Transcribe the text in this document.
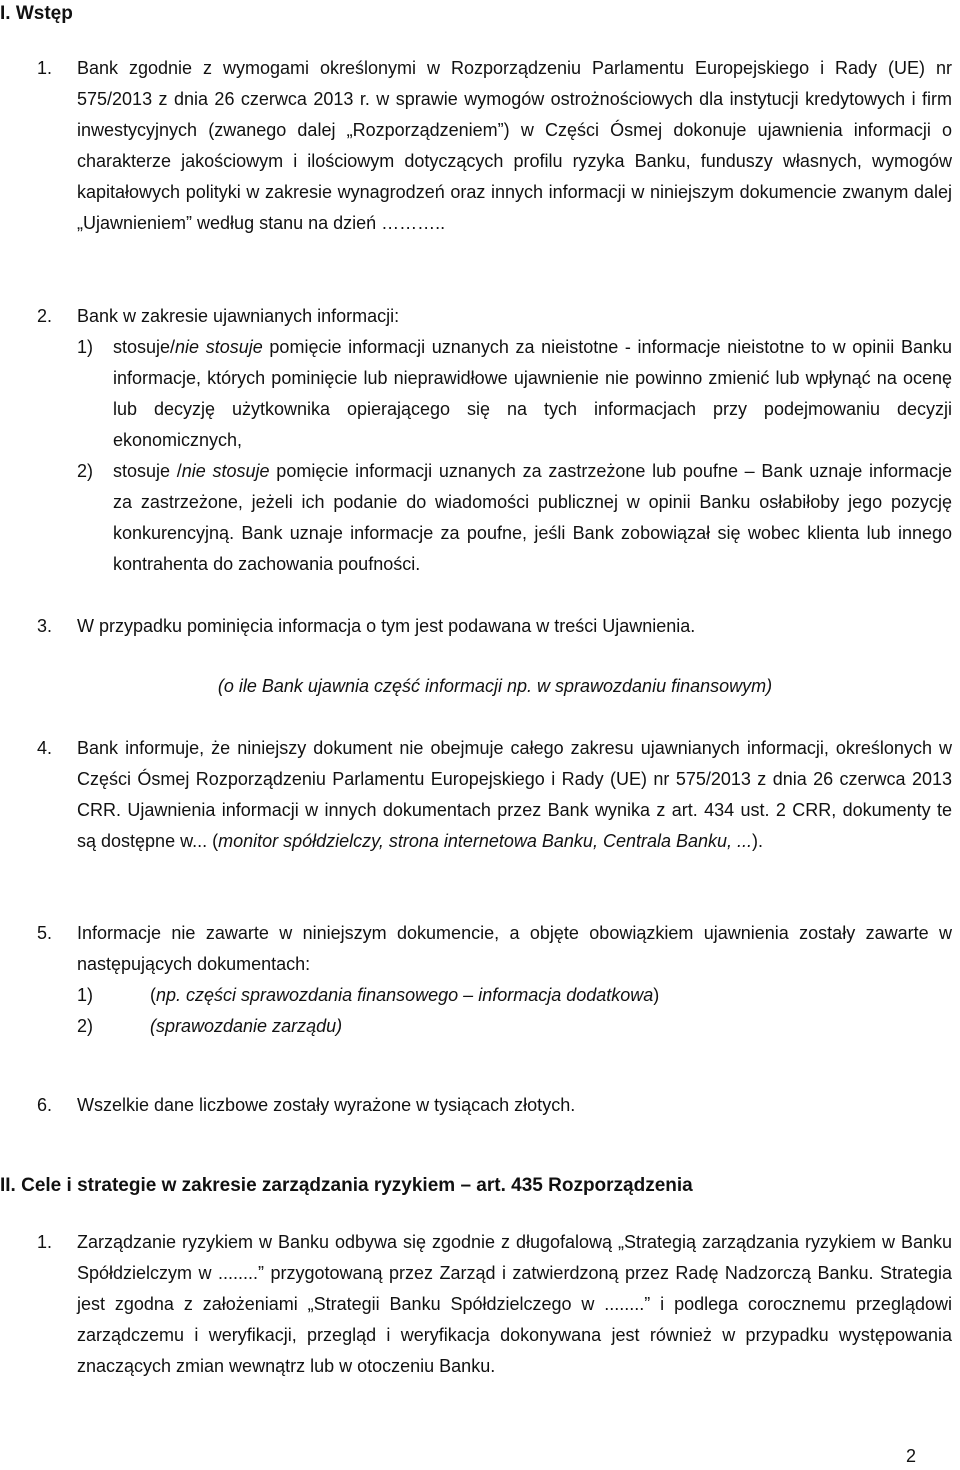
I. Wstęp
1. Bank zgodnie z wymogami określonymi w Rozporządzeniu Parlamentu Europejskiego i Rady (UE) nr 575/2013 z dnia 26 czerwca 2013 r. w sprawie wymogów ostrożnościowych dla instytucji kredytowych i firm inwestycyjnych (zwanego dalej „Rozporządzeniem”) w Części Ósmej dokonuje ujawnienia informacji o charakterze jakościowym i ilościowym dotyczących profilu ryzyka Banku, funduszy własnych, wymogów kapitałowych polityki w zakresie wynagrodzeń oraz innych informacji w niniejszym dokumencie zwanym dalej „Ujawnieniem” według stanu na dzień ………..
2. Bank w zakresie ujawnianych informacji:
1) stosuje/nie stosuje pomięcie informacji uznanych za nieistotne - informacje nieistotne to w opinii Banku informacje, których pominięcie lub nieprawidłowe ujawnienie nie powinno zmienić lub wpłynąć na ocenę lub decyzję użytkownika opierającego się na tych informacjach przy podejmowaniu decyzji ekonomicznych,
2) stosuje /nie stosuje pomięcie informacji uznanych za zastrzeżone lub poufne – Bank uznaje informacje za zastrzeżone, jeżeli ich podanie do wiadomości publicznej w opinii Banku osłabiłoby jego pozycję konkurencyjną. Bank uznaje informacje za poufne, jeśli Bank zobowiązał się wobec klienta lub innego kontrahenta do zachowania poufności.
3. W przypadku pominięcia informacja o tym jest podawana w treści Ujawnienia.
(o ile Bank ujawnia część informacji np. w sprawozdaniu finansowym)
4. Bank informuje, że niniejszy dokument nie obejmuje całego zakresu ujawnianych informacji, określonych w Części Ósmej Rozporządzeniu Parlamentu Europejskiego i Rady (UE) nr 575/2013 z dnia 26 czerwca 2013 CRR. Ujawnienia informacji w innych dokumentach przez Bank wynika z art. 434 ust. 2 CRR, dokumenty te są dostępne w... (monitor spółdzielczy, strona internetowa Banku, Centrala Banku, ...).
5. Informacje nie zawarte w niniejszym dokumencie, a objęte obowiązkiem ujawnienia zostały zawarte w następujących dokumentach:
1)	(np. części sprawozdania finansowego – informacja dodatkowa)
2)	(sprawozdanie zarządu)
6. Wszelkie dane liczbowe zostały wyrażone w tysiącach złotych.
II. Cele i strategie w zakresie zarządzania ryzykiem – art. 435 Rozporządzenia
1. Zarządzanie ryzykiem w Banku odbywa się zgodnie z długofalową „Strategią zarządzania ryzykiem w Banku Spółdzielczym w ........” przygotowaną przez Zarząd i zatwierdzoną przez Radę Nadzorczą Banku. Strategia jest zgodna z założeniami „Strategii Banku Spółdzielczego w ........” i podlega corocznemu przeglądowi zarządczemu i weryfikacji, przegląd i weryfikacja dokonywana jest również w przypadku występowania znaczących zmian wewnątrz lub w otoczeniu Banku.
2
